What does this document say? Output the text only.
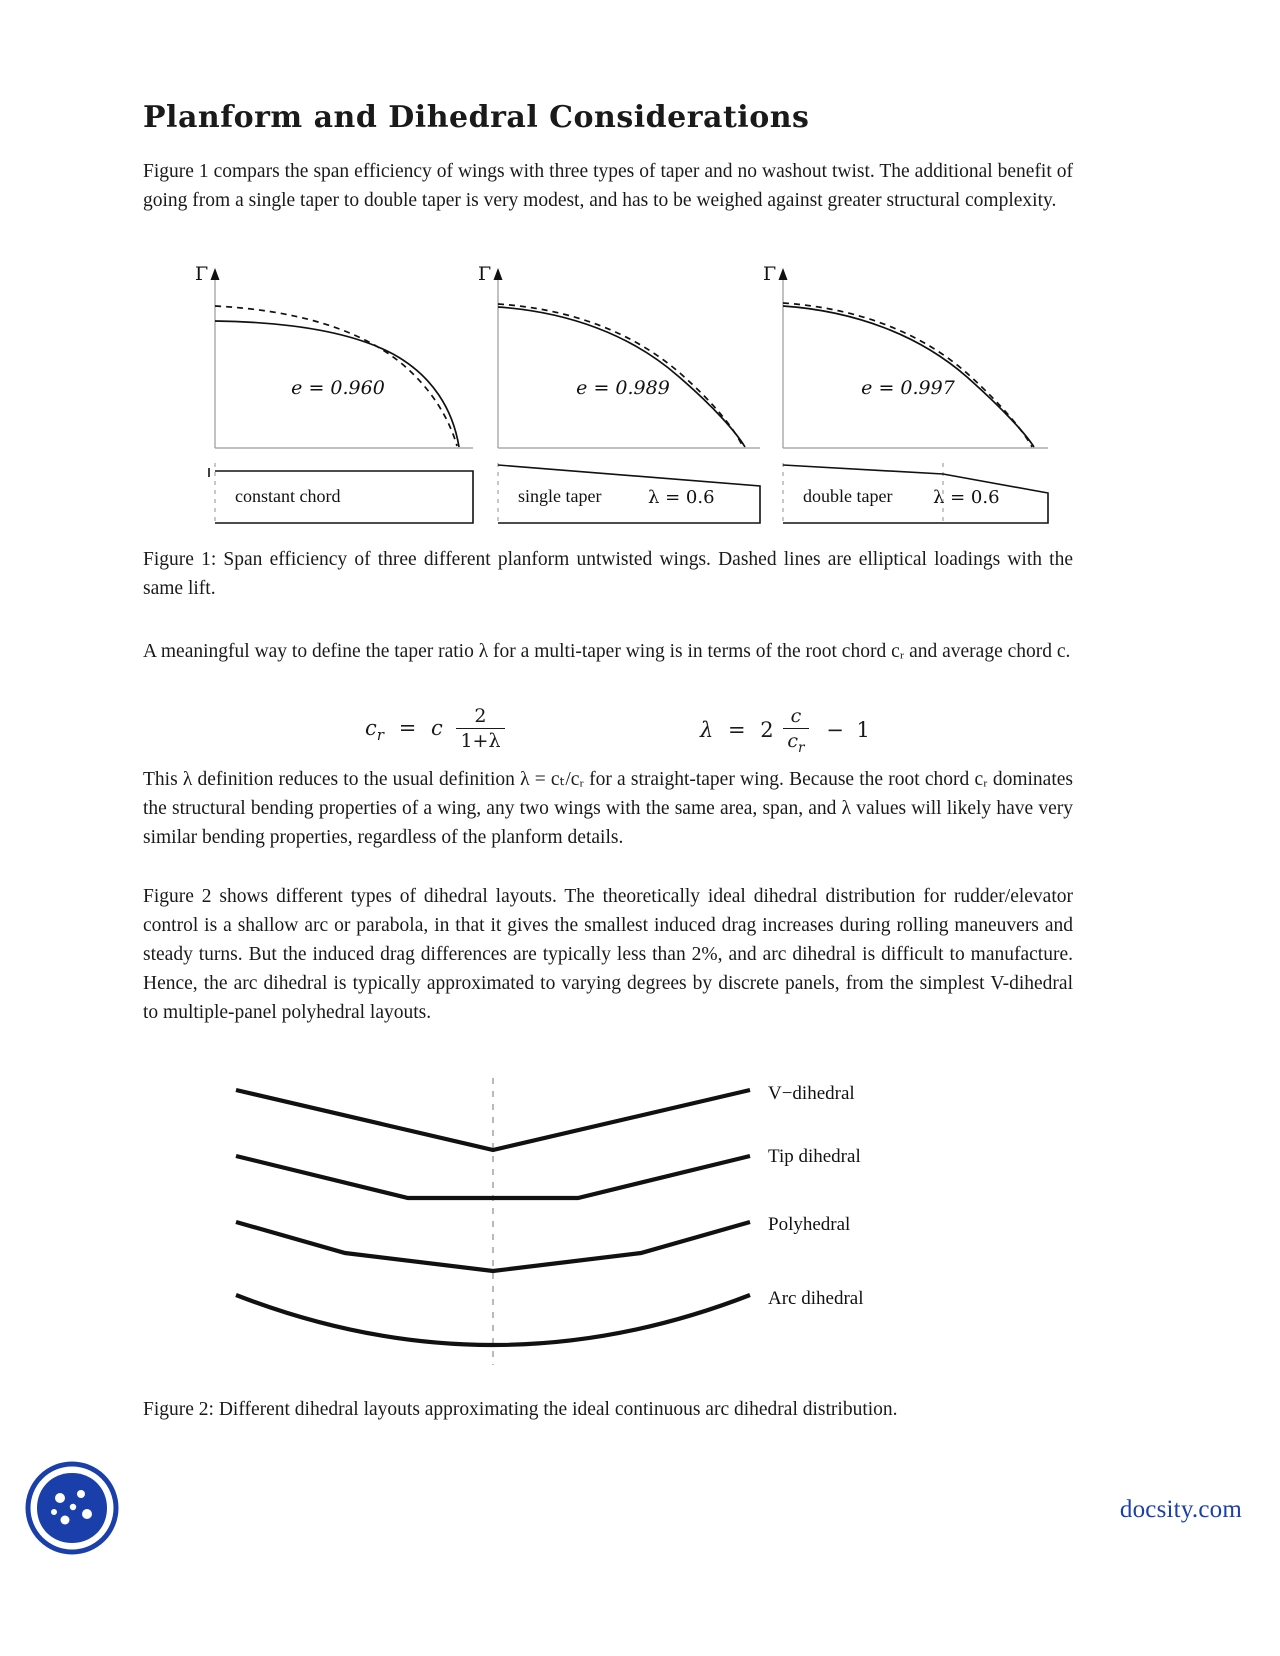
Planform and Dihedral Considerations

Figure 1 compars the span efficiency of wings with three types of taper and no washout twist. The additional benefit of going from a single taper to double taper is very modest, and has to be weighed against greater structural complexity.

Γ
e = 0.960
constant chord
Γ
e = 0.989
single taper	λ = 0.6
Γ
e = 0.997
double taper λ = 0.6

Figure 1: Span efficiency of three different planform untwisted wings. Dashed lines are elliptical loadings with the same lift.

A meaningful way to define the taper ratio λ for a multi-taper wing is in terms of the root chord cᵣ and average chord c.

$c_r = c \frac{2}{1+\lambda}$	$\lambda = 2 \frac{c}{c_r} - 1$

This λ definition reduces to the usual definition λ = cₜ/cᵣ for a straight-taper wing. Because the root chord cᵣ dominates the structural bending properties of a wing, any two wings with the same area, span, and λ values will likely have very similar bending properties, regardless of the planform details.

Figure 2 shows different types of dihedral layouts. The theoretically ideal dihedral distribution for rudder/elevator control is a shallow arc or parabola, in that it gives the smallest induced drag increases during rolling maneuvers and steady turns. But the induced drag differences are typically less than 2%, and arc dihedral is difficult to manufacture. Hence, the arc dihedral is typically approximated to varying degrees by discrete panels, from the simplest V-dihedral to multiple-panel polyhedral layouts.

V−dihedral
Tip dihedral
Polyhedral
Arc dihedral

Figure 2: Different dihedral layouts approximating the ideal continuous arc dihedral distribution.

docsity.com
